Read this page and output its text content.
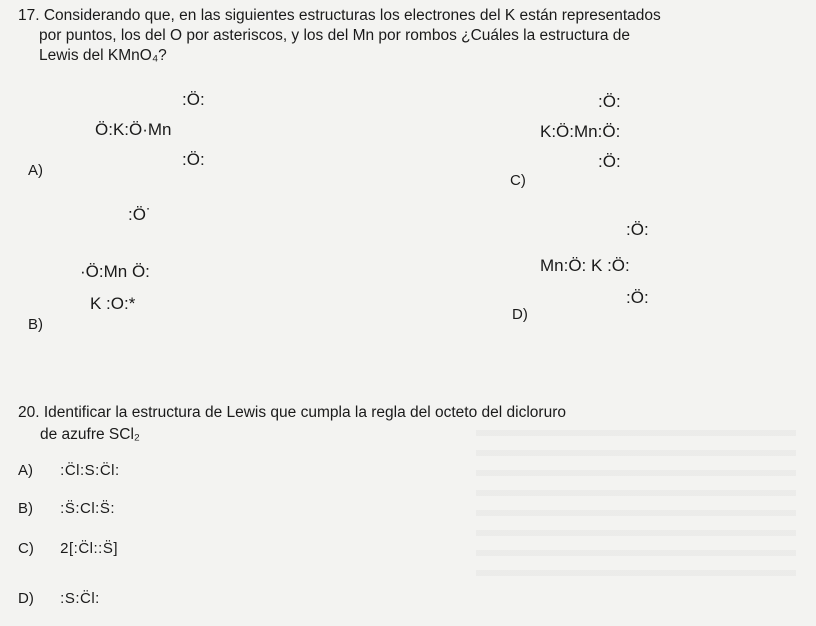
17. Considerando que, en las siguientes estructuras los electrones del K están representados
por puntos, los del O por asteriscos, y los del Mn por rombos ¿Cuáles la estructura de
Lewis del KMnO₄?
:Ö:
Ö:K:Ö·Mn
:Ö:
A)
:Ö˙
·Ö:Mn Ö:
K :O:*
B)
:Ö:
K:Ö:Mn:Ö:
:Ö:
C)
:Ö:
Mn:Ö: K :Ö:
:Ö:
D)
20. Identificar la estructura de Lewis que cumpla la regla del octeto del dicloruro
de azufre SCl₂
A) :C̈l:S:C̈l:
B) :S̈:Cl:S̈:
C) 2[:C̈l::S̈]
D) :S:C̈l:
